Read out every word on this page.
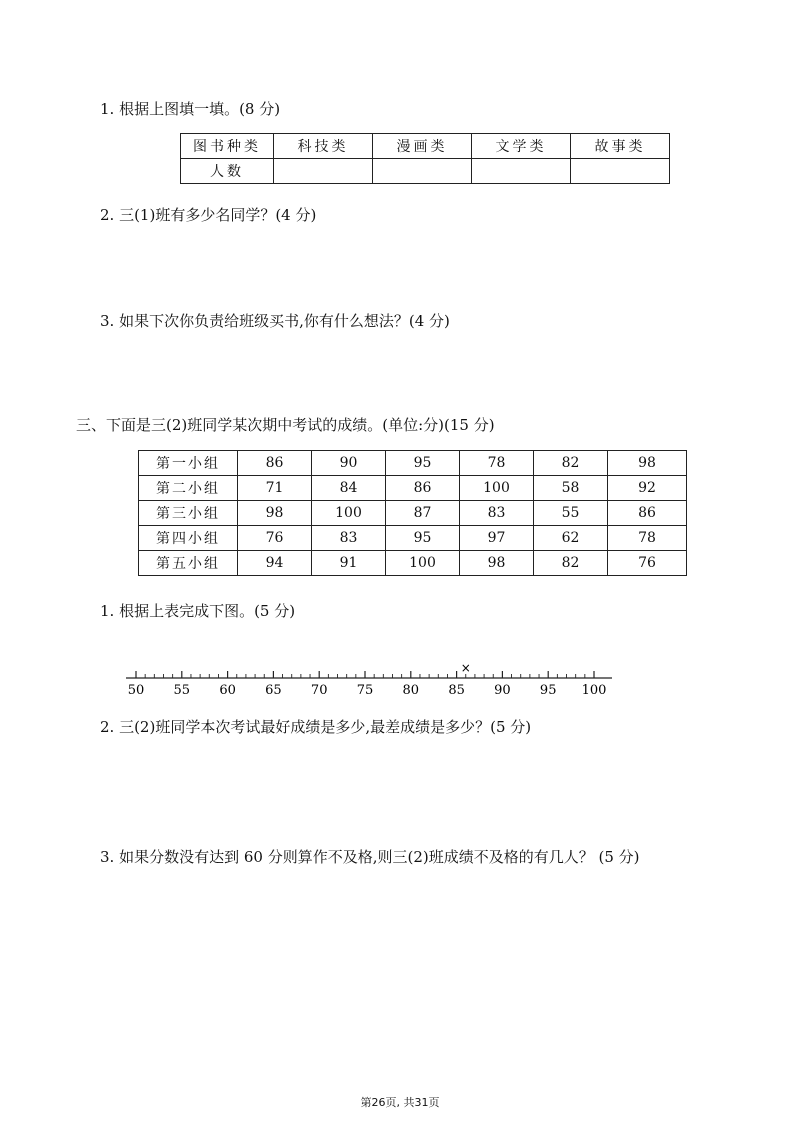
1. 根据上图填一填。(8 分)
图书种类	科技类	漫画类	文学类	故事类
人数				
2. 三(1)班有多少名同学？(4 分)
3. 如果下次你负责给班级买书,你有什么想法？(4 分)
三、下面是三(2)班同学某次期中考试的成绩。(单位:分)(15 分)
第一小组	86	90	95	78	82	98
第二小组	71	84	86	100	58	92
第三小组	98	100	87	83	55	86
第四小组	76	83	95	97	62	78
第五小组	94	91	100	98	82	76
1. 根据上表完成下图。(5 分)
50 55 60 65 70 75 80 85 90 95 100
×
2. 三(2)班同学本次考试最好成绩是多少,最差成绩是多少？(5 分)
3. 如果分数没有达到 60 分则算作不及格,则三(2)班成绩不及格的有几人？ (5 分)
第26页, 共31页
